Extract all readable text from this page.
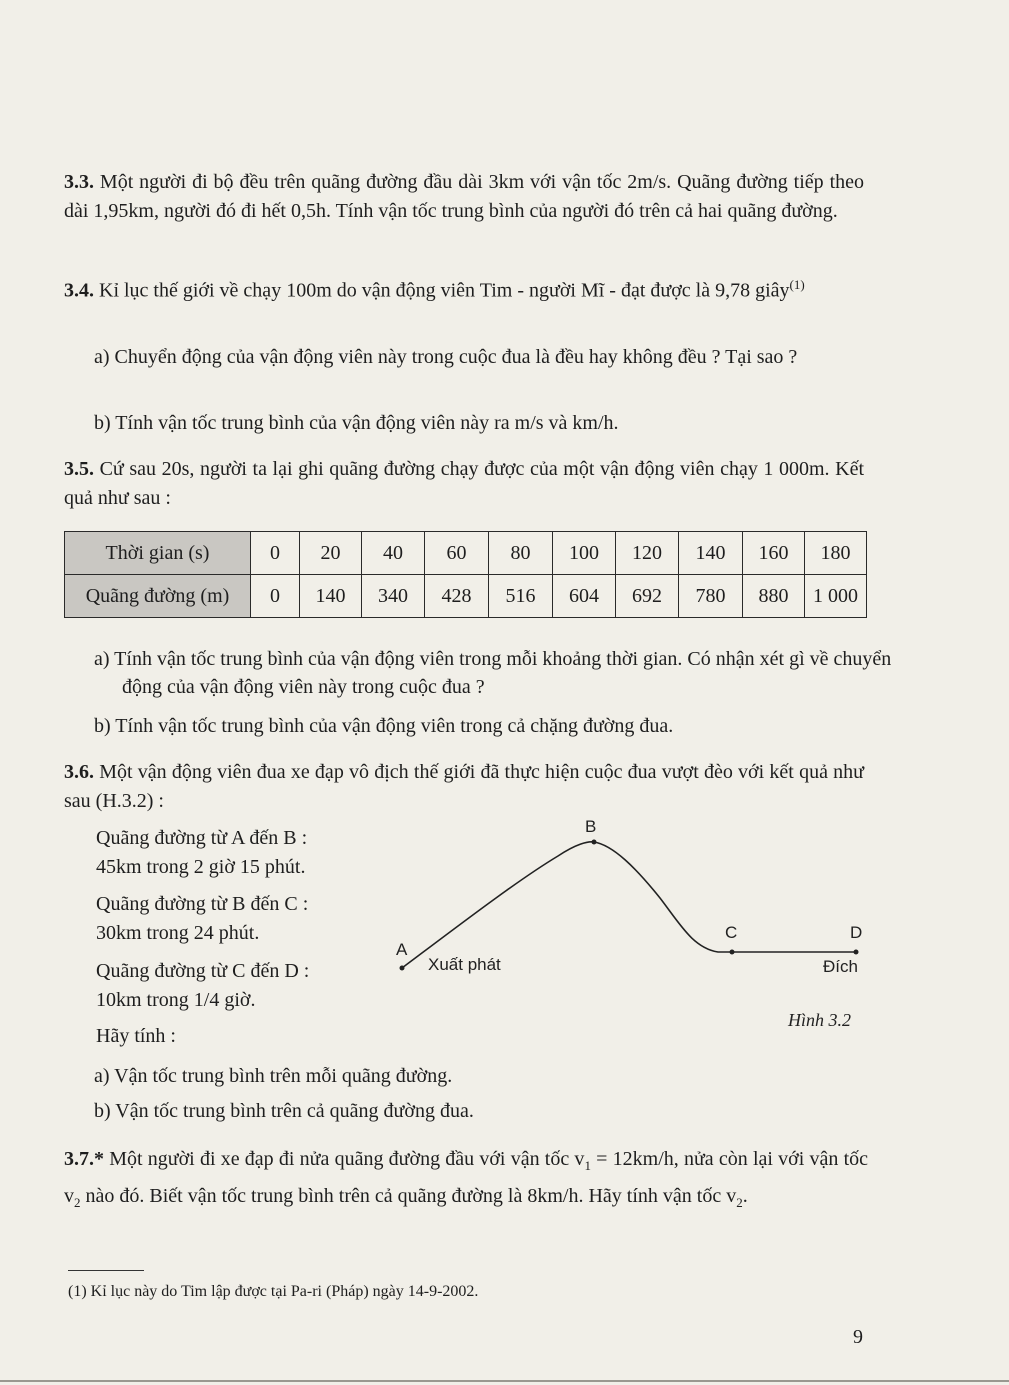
3.3. Một người đi bộ đều trên quãng đường đầu dài 3km với vận tốc 2m/s. Quãng đường tiếp theo dài 1,95km, người đó đi hết 0,5h. Tính vận tốc trung bình của người đó trên cả hai quãng đường.
3.4. Kỉ lục thế giới về chạy 100m do vận động viên Tim - người Mĩ - đạt được là 9,78 giây$^{(1)}$
a) Chuyển động của vận động viên này trong cuộc đua là đều hay không đều ? Tại sao ?
b) Tính vận tốc trung bình của vận động viên này ra m/s và km/h.
3.5. Cứ sau 20s, người ta lại ghi quãng đường chạy được của một vận động viên chạy 1 000m. Kết quả như sau :
Thời gian (s)	0	20	40	60	80	100	120	140	160	180
Quãng đường (m)	0	140	340	428	516	604	692	780	880	1 000
a) Tính vận tốc trung bình của vận động viên trong mỗi khoảng thời gian. Có nhận xét gì về chuyển động của vận động viên này trong cuộc đua ?
b) Tính vận tốc trung bình của vận động viên trong cả chặng đường đua.
3.6. Một vận động viên đua xe đạp vô địch thế giới đã thực hiện cuộc đua vượt đèo với kết quả như sau (H.3.2) :
Quãng đường từ A đến B :
45km trong 2 giờ 15 phút.
Quãng đường từ B đến C :
30km trong 24 phút.
Quãng đường từ C đến D :
10km trong 1/4 giờ.
Hãy tính :
A
B
C	D
Xuất phát	Đích
Hình 3.2
a) Vận tốc trung bình trên mỗi quãng đường.
b) Vận tốc trung bình trên cả quãng đường đua.
3.7.* Một người đi xe đạp đi nửa quãng đường đầu với vận tốc $v_1 = 12km/h$, nửa còn lại với vận tốc $v_2$ nào đó. Biết vận tốc trung bình trên cả quãng đường là 8km/h. Hãy tính vận tốc $v_2$.
(1) Kỉ lục này do Tim lập được tại Pa-ri (Pháp) ngày 14-9-2002.
9
